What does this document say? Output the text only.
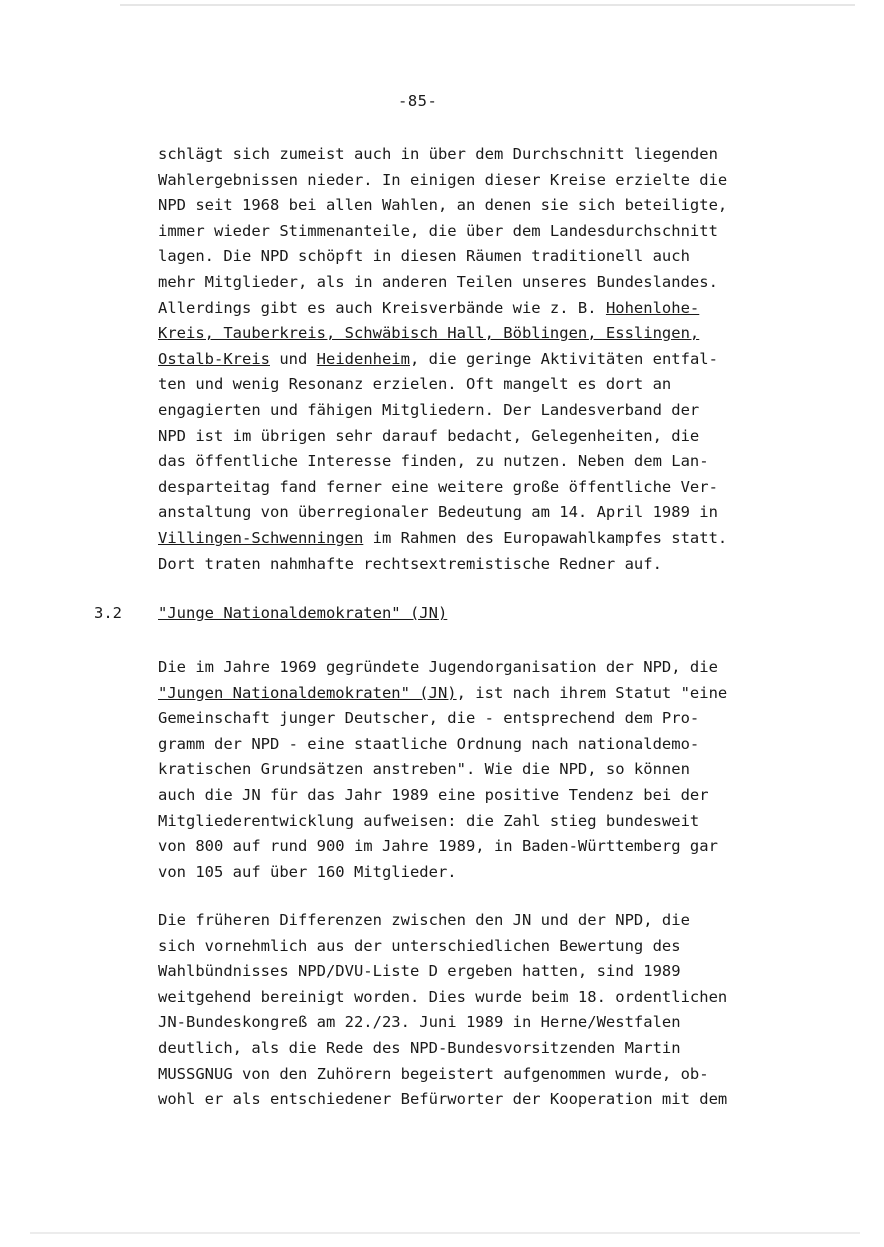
-85-
schlägt sich zumeist auch in über dem Durchschnitt liegenden
Wahlergebnissen nieder. In einigen dieser Kreise erzielte die
NPD seit 1968 bei allen Wahlen, an denen sie sich beteiligte,
immer wieder Stimmenanteile, die über dem Landesdurchschnitt
lagen. Die NPD schöpft in diesen Räumen traditionell auch
mehr Mitglieder, als in anderen Teilen unseres Bundeslandes.
Allerdings gibt es auch Kreisverbände wie z. B. Hohenlohe-
Kreis, Tauberkreis, Schwäbisch Hall, Böblingen, Esslingen,
Ostalb-Kreis und Heidenheim, die geringe Aktivitäten entfal-
ten und wenig Resonanz erzielen. Oft mangelt es dort an
engagierten und fähigen Mitgliedern. Der Landesverband der
NPD ist im übrigen sehr darauf bedacht, Gelegenheiten, die
das öffentliche Interesse finden, zu nutzen. Neben dem Lan-
desparteitag fand ferner eine weitere große öffentliche Ver-
anstaltung von überregionaler Bedeutung am 14. April 1989 in
Villingen-Schwenningen im Rahmen des Europawahlkampfes statt.
Dort traten nahmhafte rechtsextremistische Redner auf.
3.2 "Junge Nationaldemokraten" (JN)
Die im Jahre 1969 gegründete Jugendorganisation der NPD, die
"Jungen Nationaldemokraten" (JN), ist nach ihrem Statut "eine
Gemeinschaft junger Deutscher, die - entsprechend dem Pro-
gramm der NPD - eine staatliche Ordnung nach nationaldemo-
kratischen Grundsätzen anstreben". Wie die NPD, so können
auch die JN für das Jahr 1989 eine positive Tendenz bei der
Mitgliederentwicklung aufweisen: die Zahl stieg bundesweit
von 800 auf rund 900 im Jahre 1989, in Baden-Württemberg gar
von 105 auf über 160 Mitglieder.
Die früheren Differenzen zwischen den JN und der NPD, die
sich vornehmlich aus der unterschiedlichen Bewertung des
Wahlbündnisses NPD/DVU-Liste D ergeben hatten, sind 1989
weitgehend bereinigt worden. Dies wurde beim 18. ordentlichen
JN-Bundeskongreß am 22./23. Juni 1989 in Herne/Westfalen
deutlich, als die Rede des NPD-Bundesvorsitzenden Martin
MUSSGNUG von den Zuhörern begeistert aufgenommen wurde, ob-
wohl er als entschiedener Befürworter der Kooperation mit dem
